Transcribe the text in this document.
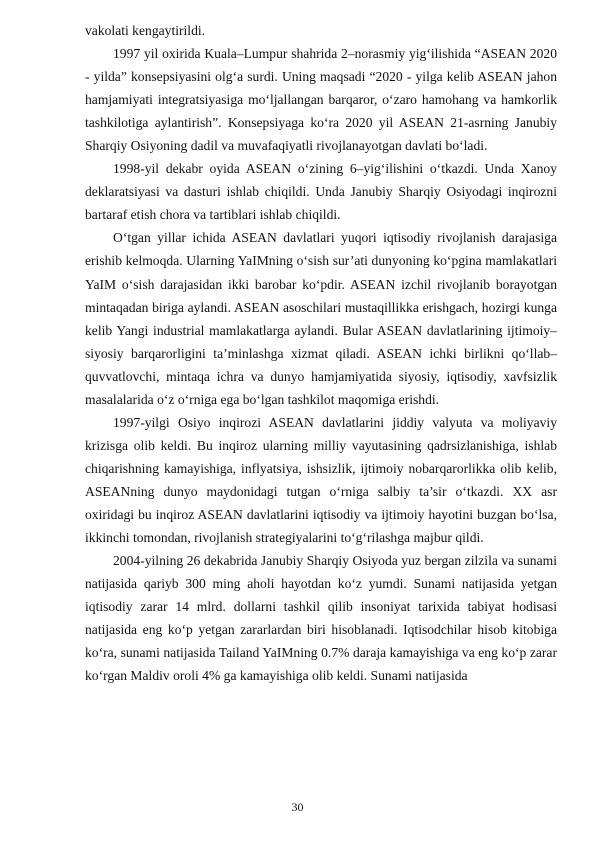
vakolati kengaytirildi.

1997 yil oxirida Kuala–Lumpur shahrida 2–norasmiy yig‘ilishida “ASEAN 2020 - yilda” konsepsiyasini olg‘a surdi. Uning maqsadi “2020 - yilga kelib ASEAN jahon hamjamiyati integratsiyasiga mo‘ljallangan barqaror, o‘zaro hamohang va hamkorlik tashkilotiga aylantirish”. Konsepsiyaga ko‘ra 2020 yil ASEAN 21-asrning Janubiy Sharqiy Osiyoning dadil va muvafaqiyatli rivojlanayotgan davlati bo‘ladi.

1998-yil dekabr oyida ASEAN o‘zining 6–yig‘ilishini o‘tkazdi. Unda Xanoy deklaratsiyasi va dasturi ishlab chiqildi. Unda Janubiy Sharqiy Osiyodagi inqirozni bartaraf etish chora va tartiblari ishlab chiqildi.

O‘tgan yillar ichida ASEAN davlatlari yuqori iqtisodiy rivojlanish darajasiga erishib kelmoqda. Ularning YaIMning o‘sish sur’ati dunyoning ko‘pgina mamlakatlari YaIM o‘sish darajasidan ikki barobar ko‘pdir. ASEAN izchil rivojlanib borayotgan mintaqadan biriga aylandi. ASEAN asoschilari mustaqillikka erishgach, hozirgi kunga kelib Yangi industrial mamlakatlarga aylandi. Bular ASEAN davlatlarining ijtimoiy–siyosiy barqarorligini ta’minlashga xizmat qiladi. ASEAN ichki birlikni qo‘llab–quvvatlovchi, mintaqa ichra va dunyo hamjamiyatida siyosiy, iqtisodiy, xavfsizlik masalalarida o‘z o‘rniga ega bo‘lgan tashkilot maqomiga erishdi.

1997-yilgi Osiyo inqirozi ASEAN davlatlarini jiddiy valyuta va moliyaviy krizisga olib keldi. Bu inqiroz ularning milliy vayutasining qadrsizlanishiga, ishlab chiqarishning kamayishiga, inflyatsiya, ishsizlik, ijtimoiy nobarqarorlikka olib kelib, ASEANning dunyo maydonidagi tutgan o‘rniga salbiy ta’sir o‘tkazdi. XX asr oxiridagi bu inqiroz ASEAN davlatlarini iqtisodiy va ijtimoiy hayotini buzgan bo‘lsa, ikkinchi tomondan, rivojlanish strategiyalarini to‘g‘rilashga majbur qildi.

2004-yilning 26 dekabrida Janubiy Sharqiy Osiyoda yuz bergan zilzila va sunami natijasida qariyb 300 ming aholi hayotdan ko‘z yumdi. Sunami natijasida yetgan iqtisodiy zarar 14 mlrd. dollarni tashkil qilib insoniyat tarixida tabiyat hodisasi natijasida eng ko‘p yetgan zararlardan biri hisoblanadi. Iqtisodchilar hisob kitobiga ko‘ra, sunami natijasida Tailand YaIMning 0.7% daraja kamayishiga va eng ko‘p zarar ko‘rgan Maldiv oroli 4% ga kamayishiga olib keldi. Sunami natijasida

30
